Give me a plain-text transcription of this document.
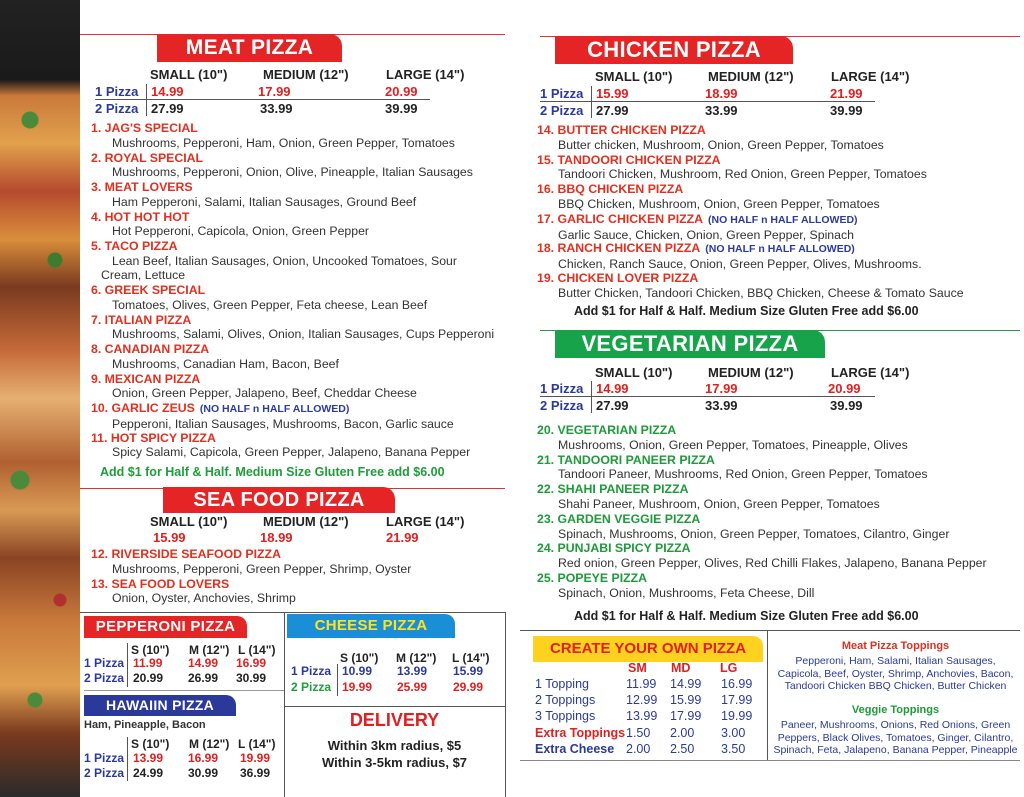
MEAT PIZZA
SMALL (10")	MEDIUM (12")	LARGE (14")
1 Pizza 14.99	17.99	20.99
2 Pizza 27.99	33.99	39.99
1. JAG'S SPECIAL
Mushrooms, Pepperoni, Ham, Onion, Green Pepper, Tomatoes
2. ROYAL SPECIAL
Mushrooms, Pepperoni, Onion, Olive, Pineapple, Italian Sausages
3. MEAT LOVERS
Ham Pepperoni, Salami, Italian Sausages, Ground Beef
4. HOT HOT HOT
Hot Pepperoni, Capicola, Onion, Green Pepper
5. TACO PIZZA
Lean Beef, Italian Sausages, Onion, Uncooked Tomatoes, Sour
Cream, Lettuce
6. GREEK SPECIAL
Tomatoes, Olives, Green Pepper, Feta cheese, Lean Beef
7. ITALIAN PIZZA
Mushrooms, Salami, Olives, Onion, Italian Sausages, Cups Pepperoni
8. CANADIAN PIZZA
Mushrooms, Canadian Ham, Bacon, Beef
9. MEXICAN PIZZA
Onion, Green Pepper, Jalapeno, Beef, Cheddar Cheese
10. GARLIC ZEUS (NO HALF n HALF ALLOWED)
Pepperoni, Italian Sausages, Mushrooms, Bacon, Garlic sauce
11. HOT SPICY PIZZA
Spicy Salami, Capicola, Green Pepper, Jalapeno, Banana Pepper
Add $1 for Half & Half. Medium Size Gluten Free add $6.00
SEA FOOD PIZZA
SMALL (10")	MEDIUM (12")	LARGE (14")
15.99	18.99	21.99
12. RIVERSIDE SEAFOOD PIZZA
Mushrooms, Pepperoni, Green Pepper, Shrimp, Oyster
13. SEA FOOD LOVERS
Onion, Oyster, Anchovies, Shrimp
PEPPERONI PIZZA
S (10") M (12") L (14")
1 Pizza 11.99 14.99 16.99
2 Pizza 20.99 26.99 30.99
HAWAIIN PIZZA
Ham, Pineapple, Bacon
S (10") M (12") L (14")
1 Pizza 13.99 16.99 19.99
2 Pizza 24.99 30.99 36.99
CHEESE PIZZA
S (10") M (12") L (14")
1 Pizza 10.99 13.99 15.99
2 Pizza 19.99 25.99 29.99
DELIVERY
Within 3km radius, $5
Within 3-5km radius, $7
CHICKEN PIZZA
SMALL (10")	MEDIUM (12")	LARGE (14")
1 Pizza 15.99	18.99	21.99
2 Pizza 27.99	33.99	39.99
14. BUTTER CHICKEN PIZZA
Butter chicken, Mushroom, Onion, Green Pepper, Tomatoes
15. TANDOORI CHICKEN PIZZA
Tandoori Chicken, Mushroom, Red Onion, Green Pepper, Tomatoes
16. BBQ CHICKEN PIZZA
BBQ Chicken, Mushroom, Onion, Green Pepper, Tomatoes
17. GARLIC CHICKEN PIZZA (NO HALF n HALF ALLOWED)
Garlic Sauce, Chicken, Onion, Green Pepper, Spinach
18. RANCH CHICKEN PIZZA (NO HALF n HALF ALLOWED)
Chicken, Ranch Sauce, Onion, Green Pepper, Olives, Mushrooms.
19. CHICKEN LOVER PIZZA
Butter Chicken, Tandoori Chicken, BBQ Chicken, Cheese & Tomato Sauce
Add $1 for Half & Half. Medium Size Gluten Free add $6.00
VEGETARIAN PIZZA
SMALL (10")	MEDIUM (12")	LARGE (14")
1 Pizza 14.99	17.99	20.99
2 Pizza 27.99	33.99	39.99
20. VEGETARIAN PIZZA
Mushrooms, Onion, Green Pepper, Tomatoes, Pineapple, Olives
21. TANDOORI PANEER PIZZA
Tandoori Paneer, Mushrooms, Red Onion, Green Pepper, Tomatoes
22. SHAHI PANEER PIZZA
Shahi Paneer, Mushroom, Onion, Green Pepper, Tomatoes
23. GARDEN VEGGIE PIZZA
Spinach, Mushrooms, Onion, Green Pepper, Tomatoes, Cilantro, Ginger
24. PUNJABI SPICY PIZZA
Red onion, Green Pepper, Olives, Red Chilli Flakes, Jalapeno, Banana Pepper
25. POPEYE PIZZA
Spinach, Onion, Mushrooms, Feta Cheese, Dill
Add $1 for Half & Half. Medium Size Gluten Free add $6.00
CREATE YOUR OWN PIZZA
SM MD LG
1 Topping	11.99 14.99 16.99
2 Toppings 12.99 15.99 17.99
3 Toppings 13.99 17.99 19.99
Extra Toppings 1.50 2.00 3.00
Extra Cheese 2.00 2.50 3.50
Meat Pizza Toppings
Pepperoni, Ham, Salami, Italian Sausages,
Capicola, Beef, Oyster, Shrimp, Anchovies, Bacon,
Tandoori Chicken BBQ Chicken, Butter Chicken
Veggie Toppings
Paneer, Mushrooms, Onions, Red Onions, Green
Peppers, Black Olives, Tomatoes, Ginger, Cilantro,
Spinach, Feta, Jalapeno, Banana Pepper, Pineapple
